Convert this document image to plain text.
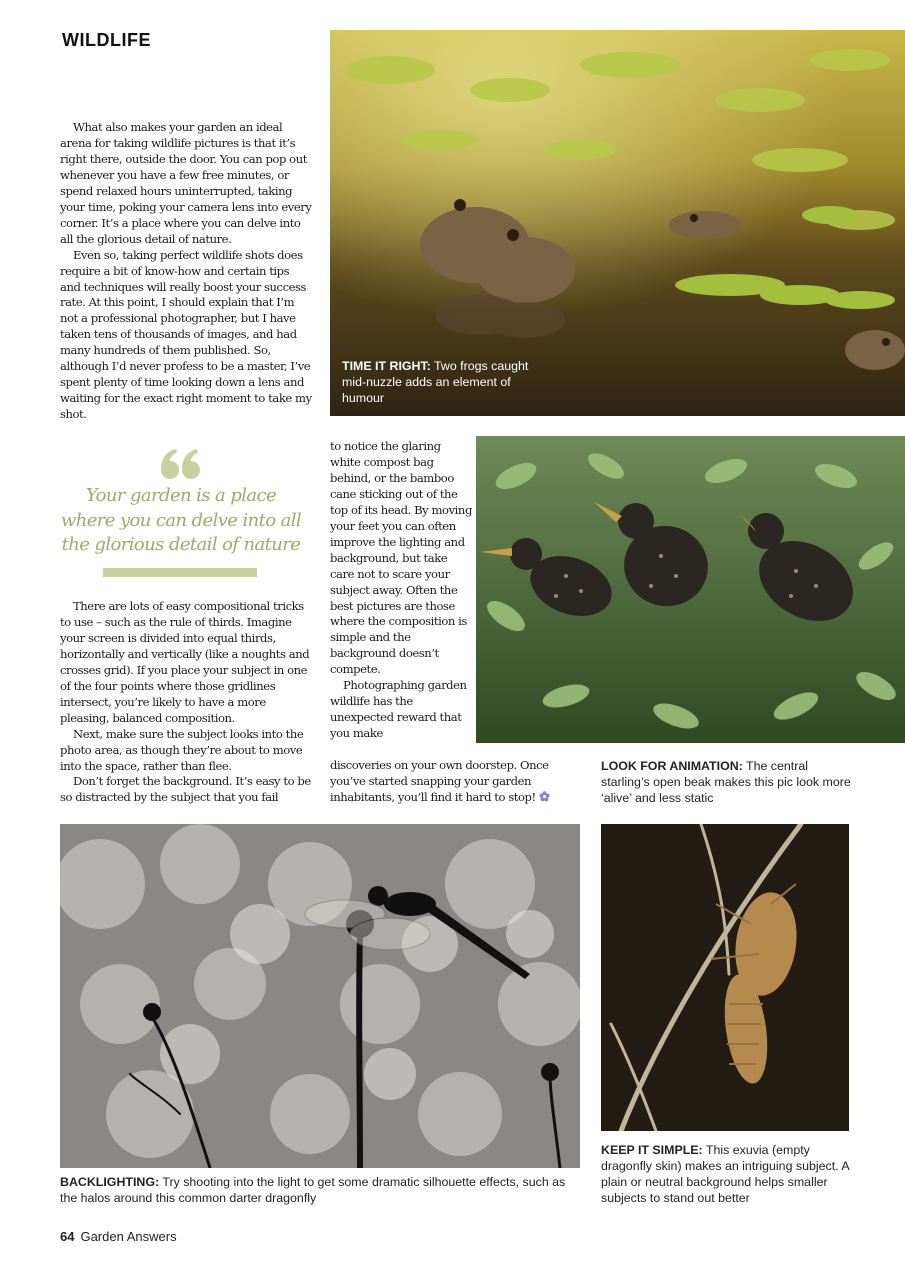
WILDLIFE

What also makes your garden an ideal arena for taking wildlife pictures is that it’s right there, outside the door. You can pop out whenever you have a few free minutes, or spend relaxed hours uninterrupted, taking your time, poking your camera lens into every corner. It’s a place where you can delve into all the glorious detail of nature.

Even so, taking perfect wildlife shots does require a bit of know-how and certain tips and techniques will really boost your success rate. At this point, I should explain that I’m not a professional photographer, but I have taken tens of thousands of images, and had many hundreds of them published. So, although I’d never profess to be a master, I’ve spent plenty of time looking down a lens and waiting for the exact right moment to take my shot.

Your garden is a place where you can delve into all the glorious detail of nature

There are lots of easy compositional tricks to use – such as the rule of thirds. Imagine your screen is divided into equal thirds, horizontally and vertically (like a noughts and crosses grid). If you place your subject in one of the four points where those gridlines intersect, you’re likely to have a more pleasing, balanced composition.

Next, make sure the subject looks into the photo area, as though they’re about to move into the space, rather than flee.

Don’t forget the background. It’s easy to be so distracted by the subject that you fail

to notice the glaring white compost bag behind, or the bamboo cane sticking out of the top of its head. By moving your feet you can often improve the lighting and background, but take care not to scare your subject away. Often the best pictures are those where the composition is simple and the background doesn’t compete.

Photographing garden wildlife has the unexpected reward that you make

discoveries on your own doorstep. Once you’ve started snapping your garden inhabitants, you’ll find it hard to stop!

TIME IT RIGHT: Two frogs caught mid-nuzzle adds an element of humour

LOOK FOR ANIMATION: The central starling’s open beak makes this pic look more ‘alive’ and less static

BACKLIGHTING: Try shooting into the light to get some dramatic silhouette effects, such as the halos around this common darter dragonfly

KEEP IT SIMPLE: This exuvia (empty dragonfly skin) makes an intriguing subject. A plain or neutral background helps smaller subjects to stand out better

64 Garden Answers
